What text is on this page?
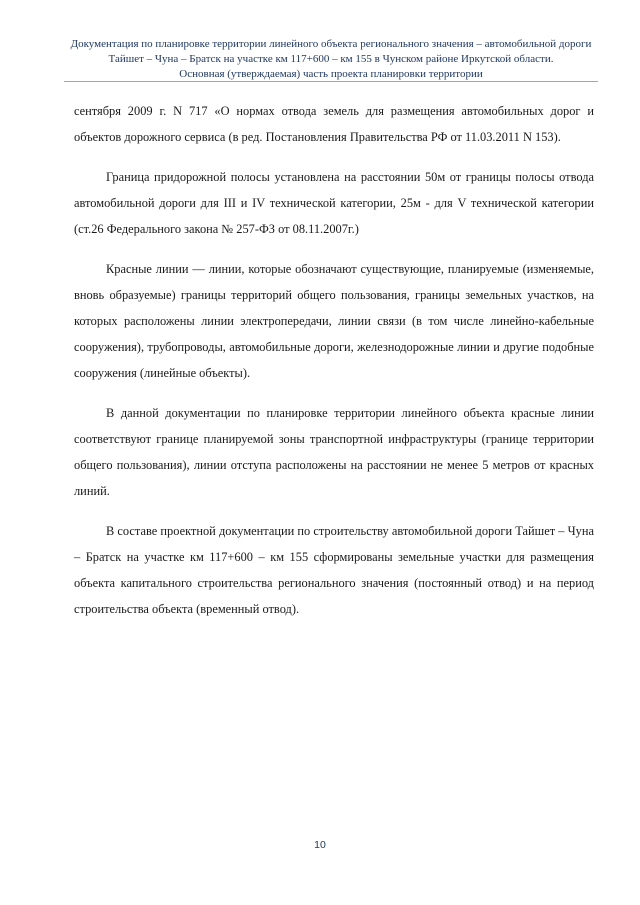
Документация по планировке территории линейного объекта регионального значения – автомобильной дороги
Тайшет – Чуна – Братск на участке км 117+600 – км 155 в Чунском районе Иркутской области.
Основная (утверждаемая) часть проекта планировки территории

сентября 2009 г. N 717 «О нормах отвода земель для размещения автомобильных дорог и объектов дорожного сервиса (в ред. Постановления Правительства РФ от 11.03.2011 N 153).

Граница придорожной полосы установлена на расстоянии 50м от границы полосы отвода автомобильной дороги для III и IV технической категории, 25м - для V технической категории (ст.26 Федерального закона № 257-ФЗ от 08.11.2007г.)

Красные линии — линии, которые обозначают существующие, планируемые (изменяемые, вновь образуемые) границы территорий общего пользования, границы земельных участков, на которых расположены линии электропередачи, линии связи (в том числе линейно-кабельные сооружения), трубопроводы, автомобильные дороги, железнодорожные линии и другие подобные сооружения (линейные объекты).

В данной документации по планировке территории линейного объекта красные линии соответствуют границе планируемой зоны транспортной инфраструктуры (границе территории общего пользования), линии отступа расположены на расстоянии не менее 5 метров от красных линий.

В составе проектной документации по строительству автомобильной дороги Тайшет – Чуна – Братск на участке км 117+600 – км 155 сформированы земельные участки для размещения объекта капитального строительства регионального значения (постоянный отвод) и на период строительства объекта (временный отвод).

10
